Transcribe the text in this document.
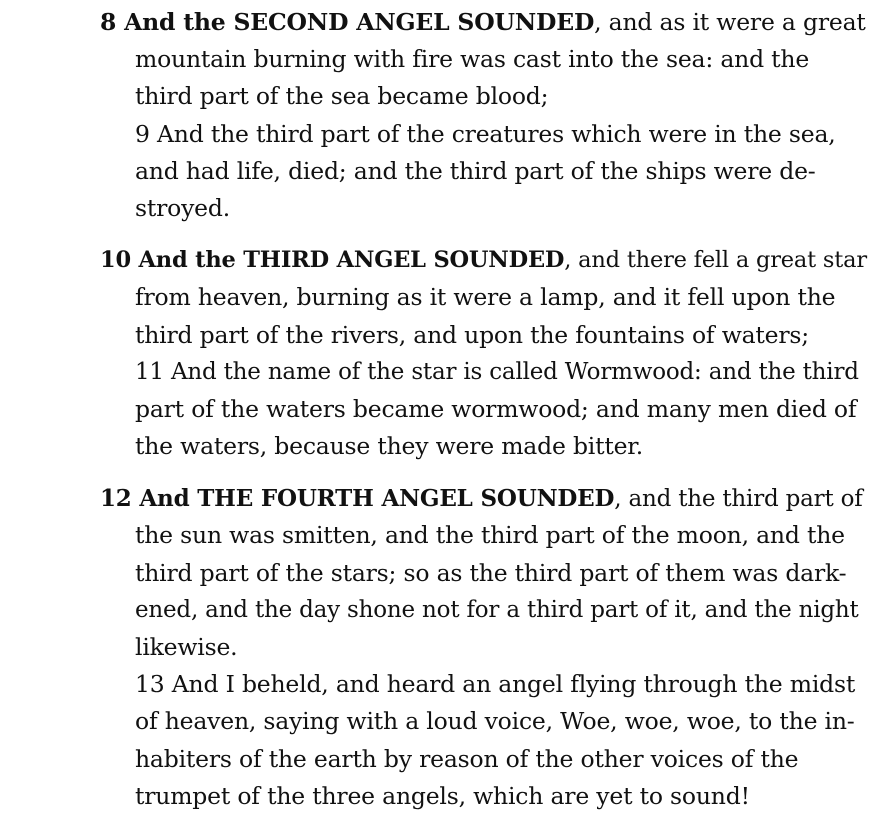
8 And the SECOND ANGEL SOUNDED, and as it were a great
mountain burning with fire was cast into the sea: and the
third part of the sea became blood;
9 And the third part of the creatures which were in the sea,
and had life, died; and the third part of the ships were de-
stroyed.
10 And the THIRD ANGEL SOUNDED, and there fell a great star
from heaven, burning as it were a lamp, and it fell upon the
third part of the rivers, and upon the fountains of waters;
11 And the name of the star is called Wormwood: and the third
part of the waters became wormwood; and many men died of
the waters, because they were made bitter.
12 And THE FOURTH ANGEL SOUNDED, and the third part of
the sun was smitten, and the third part of the moon, and the
third part of the stars; so as the third part of them was dark-
ened, and the day shone not for a third part of it, and the night
likewise.
13 And I beheld, and heard an angel flying through the midst
of heaven, saying with a loud voice, Woe, woe, woe, to the in-
habiters of the earth by reason of the other voices of the
trumpet of the three angels, which are yet to sound!
